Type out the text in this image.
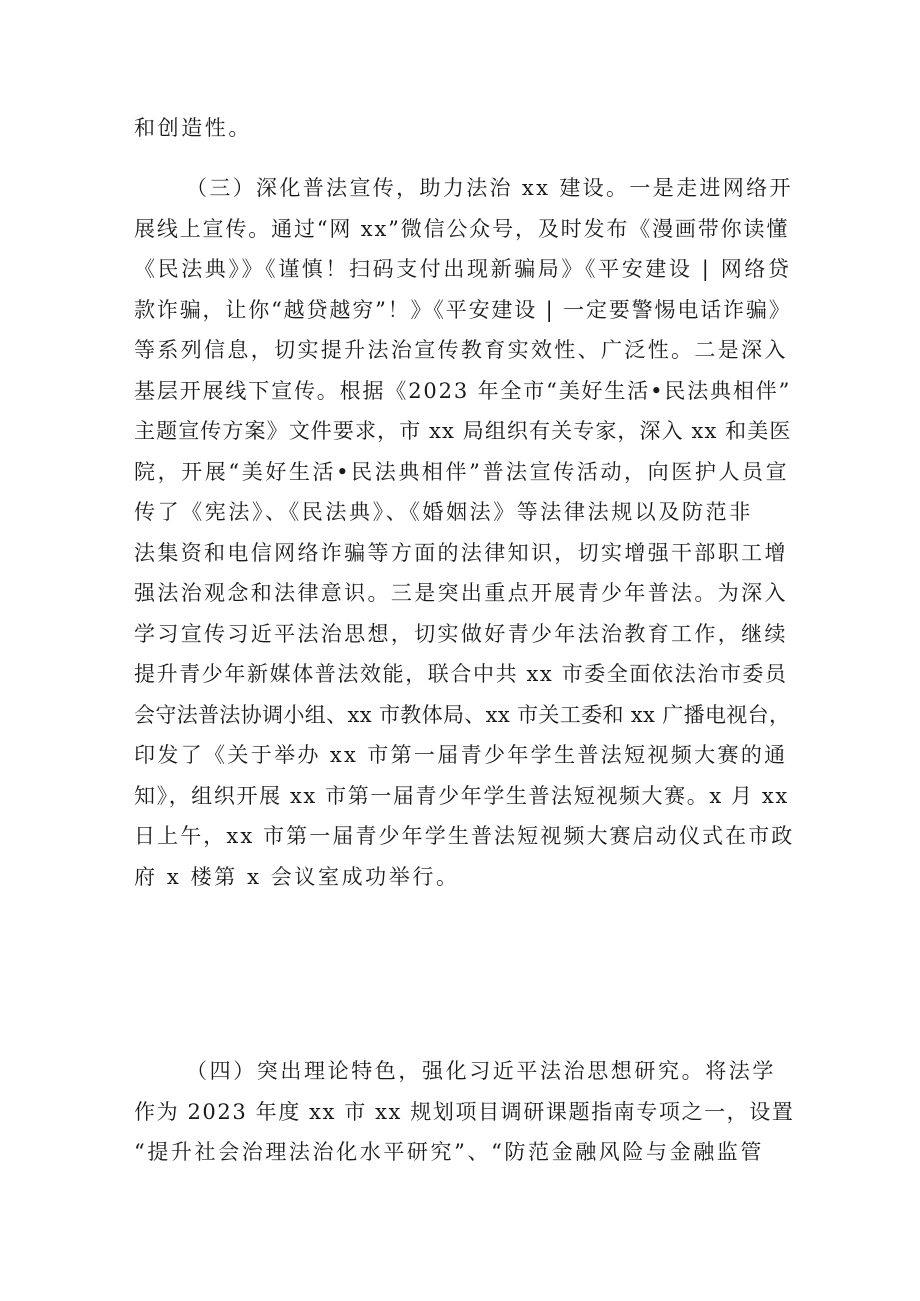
和创造性。
（三）深化普法宣传，助力法治 xx 建设。一是走进网络开
展线上宣传。通过“网 xx”微信公众号，及时发布《漫画带你读懂
《民法典》》《谨慎！扫码支付出现新骗局》《平安建设 | 网络贷
款诈骗，让你“越贷越穷”！》《平安建设 | 一定要警惕电话诈骗》
等系列信息，切实提升法治宣传教育实效性、广泛性。二是深入
基层开展线下宣传。根据《2023 年全市“美好生活•民法典相伴”
主题宣传方案》文件要求，市 xx 局组织有关专家，深入 xx 和美医
院，开展“美好生活•民法典相伴”普法宣传活动，向医护人员宣
传了《宪法》、《民法典》、《婚姻法》等法律法规以及防范非
法集资和电信网络诈骗等方面的法律知识，切实增强干部职工增
强法治观念和法律意识。三是突出重点开展青少年普法。为深入
学习宣传习近平法治思想，切实做好青少年法治教育工作，继续
提升青少年新媒体普法效能，联合中共 xx 市委全面依法治市委员
会守法普法协调小组、xx 市教体局、xx 市关工委和 xx 广播电视台，
印发了《关于举办 xx 市第一届青少年学生普法短视频大赛的通
知》，组织开展 xx 市第一届青少年学生普法短视频大赛。x 月 xx
日上午，xx 市第一届青少年学生普法短视频大赛启动仪式在市政
府 x 楼第 x 会议室成功举行。
（四）突出理论特色，强化习近平法治思想研究。将法学
作为 2023 年度 xx 市 xx 规划项目调研课题指南专项之一，设置
“提升社会治理法治化水平研究”、“防范金融风险与金融监管
